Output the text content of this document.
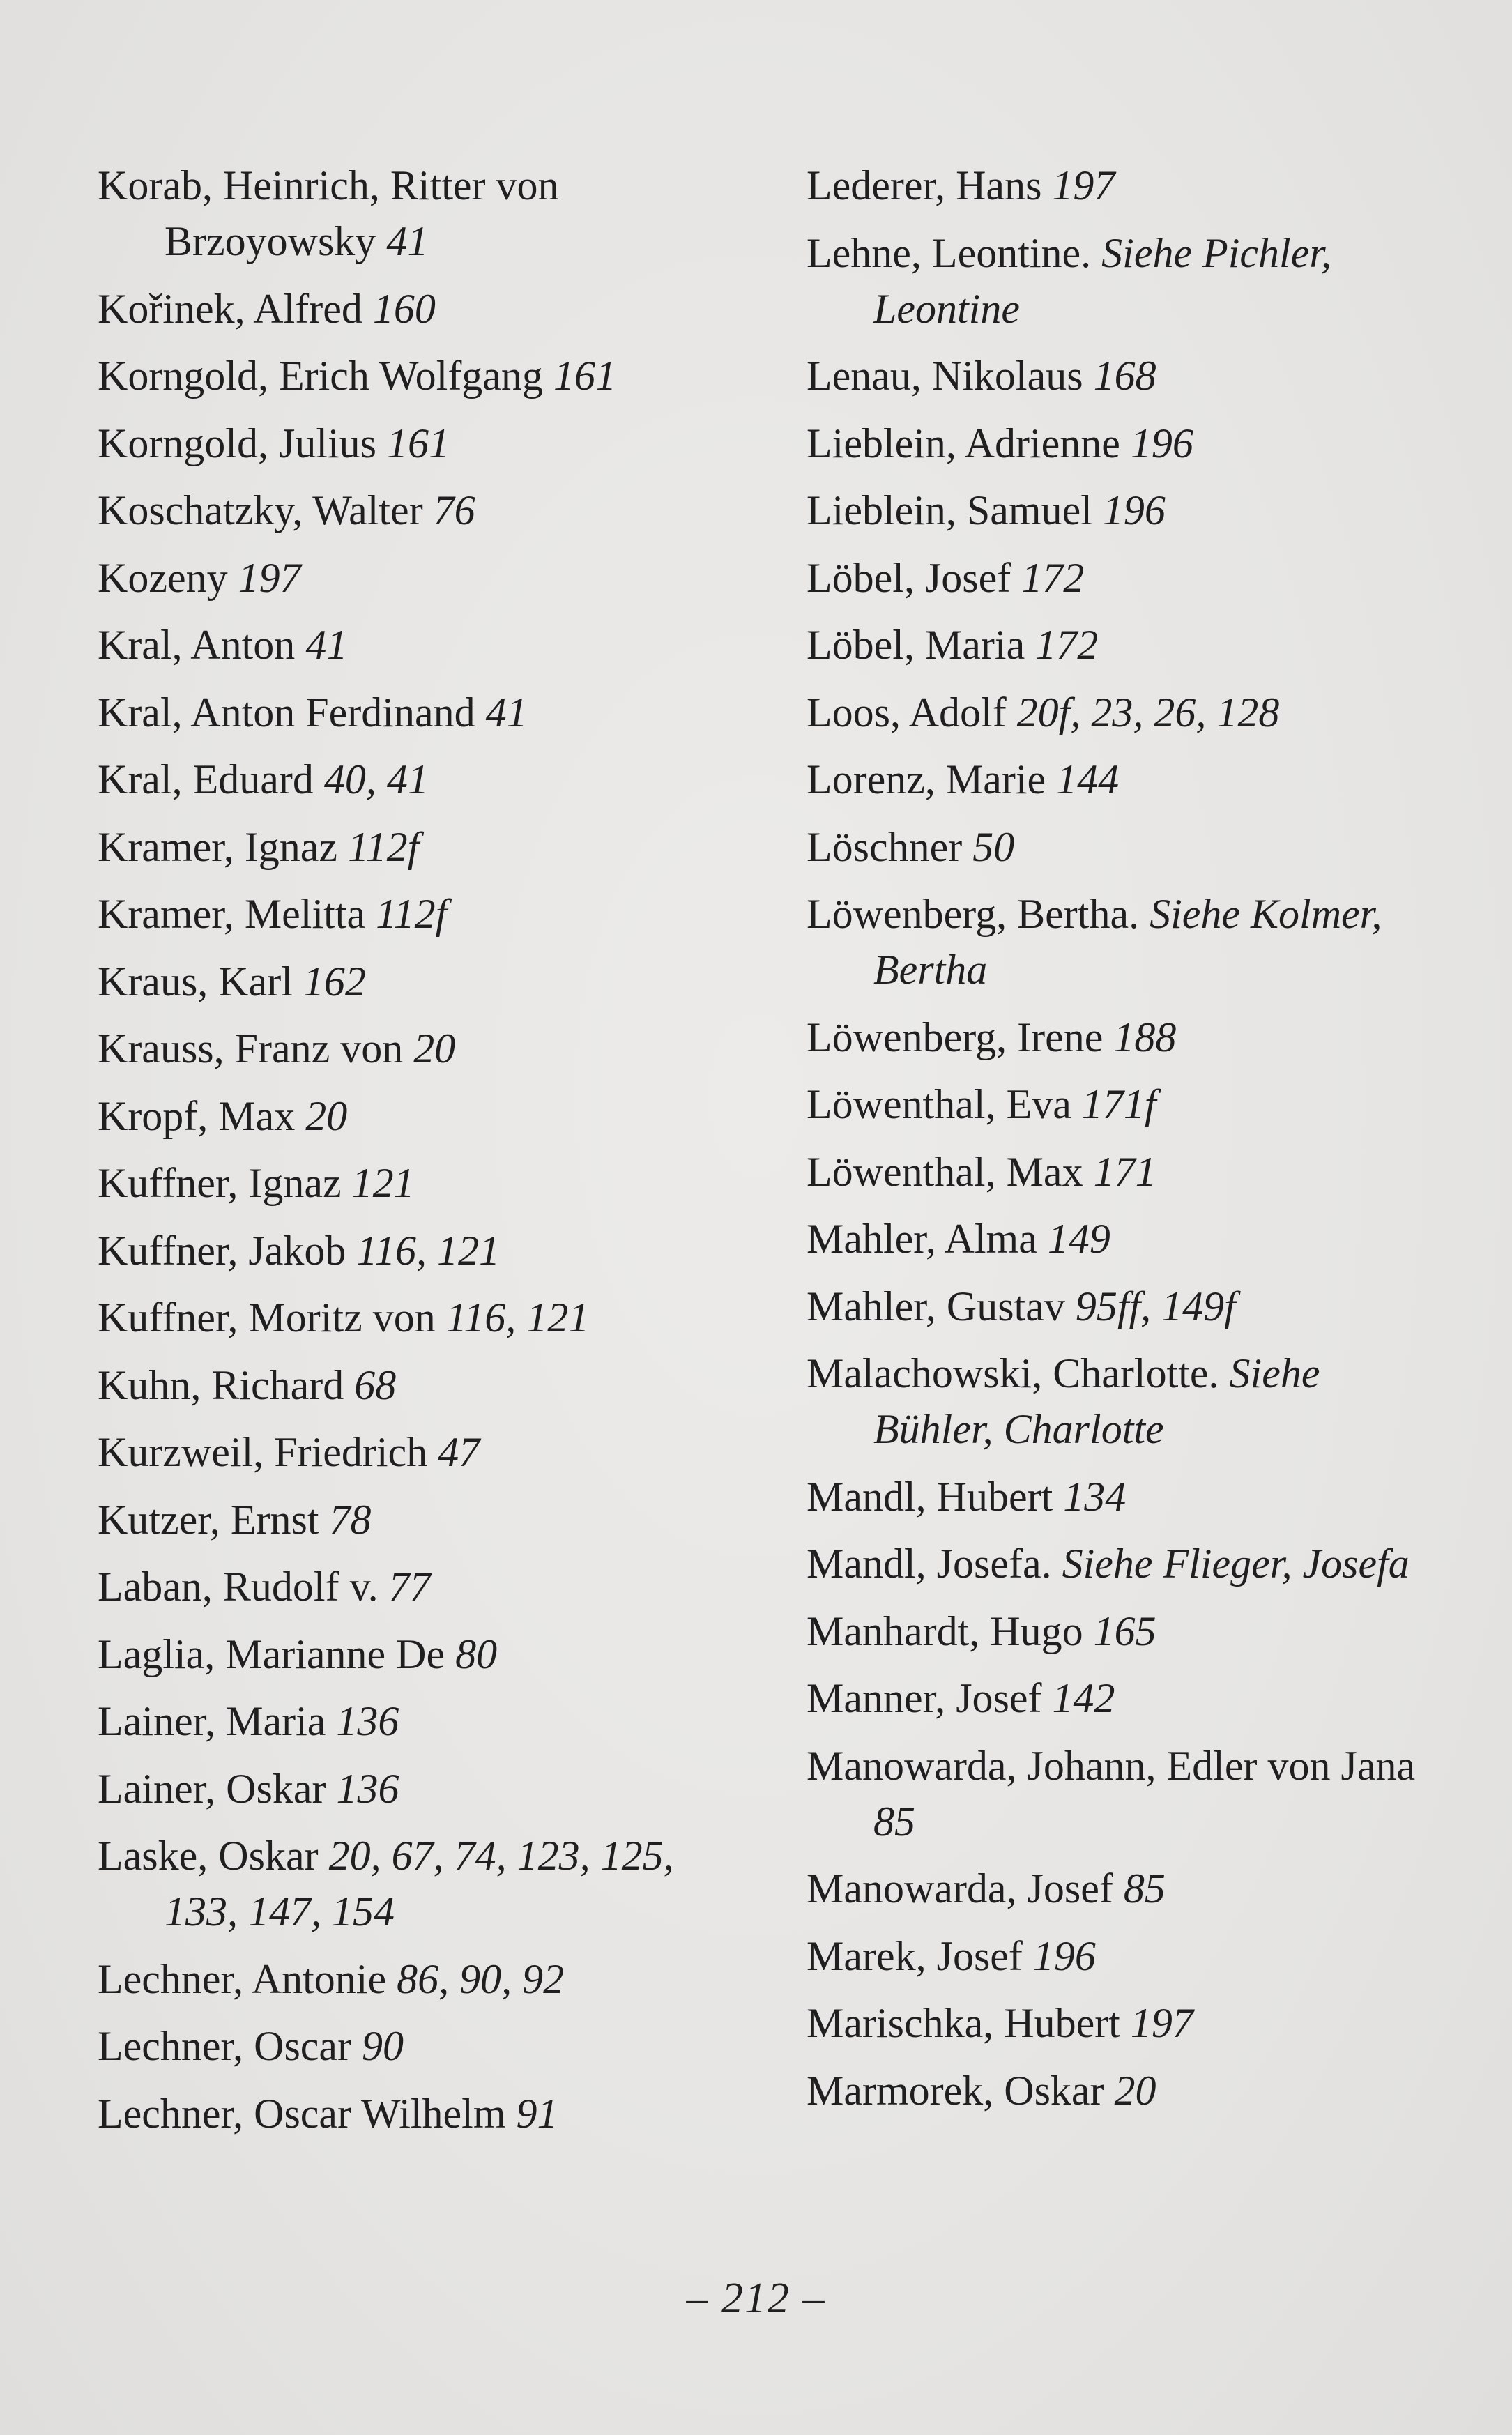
Korab, Heinrich, Ritter von Brzoyowsky 41
Kořinek, Alfred 160
Korngold, Erich Wolfgang 161
Korngold, Julius 161
Koschatzky, Walter 76
Kozeny 197
Kral, Anton 41
Kral, Anton Ferdinand 41
Kral, Eduard 40, 41
Kramer, Ignaz 112f
Kramer, Melitta 112f
Kraus, Karl 162
Krauss, Franz von 20
Kropf, Max 20
Kuffner, Ignaz 121
Kuffner, Jakob 116, 121
Kuffner, Moritz von 116, 121
Kuhn, Richard 68
Kurzweil, Friedrich 47
Kutzer, Ernst 78
Laban, Rudolf v. 77
Laglia, Marianne De 80
Lainer, Maria 136
Lainer, Oskar 136
Laske, Oskar 20, 67, 74, 123, 125, 133, 147, 154
Lechner, Antonie 86, 90, 92
Lechner, Oscar 90
Lechner, Oscar Wilhelm 91
Lederer, Hans 197
Lehne, Leontine. Siehe Pichler, Leontine
Lenau, Nikolaus 168
Lieblein, Adrienne 196
Lieblein, Samuel 196
Löbel, Josef 172
Löbel, Maria 172
Loos, Adolf 20f, 23, 26, 128
Lorenz, Marie 144
Löschner 50
Löwenberg, Bertha. Siehe Kolmer, Bertha
Löwenberg, Irene 188
Löwenthal, Eva 171f
Löwenthal, Max 171
Mahler, Alma 149
Mahler, Gustav 95ff, 149f
Malachowski, Charlotte. Siehe Bühler, Charlotte
Mandl, Hubert 134
Mandl, Josefa. Siehe Flieger, Josefa
Manhardt, Hugo 165
Manner, Josef 142
Manowarda, Johann, Edler von Jana 85
Manowarda, Josef 85
Marek, Josef 196
Marischka, Hubert 197
Marmorek, Oskar 20
– 212 –
